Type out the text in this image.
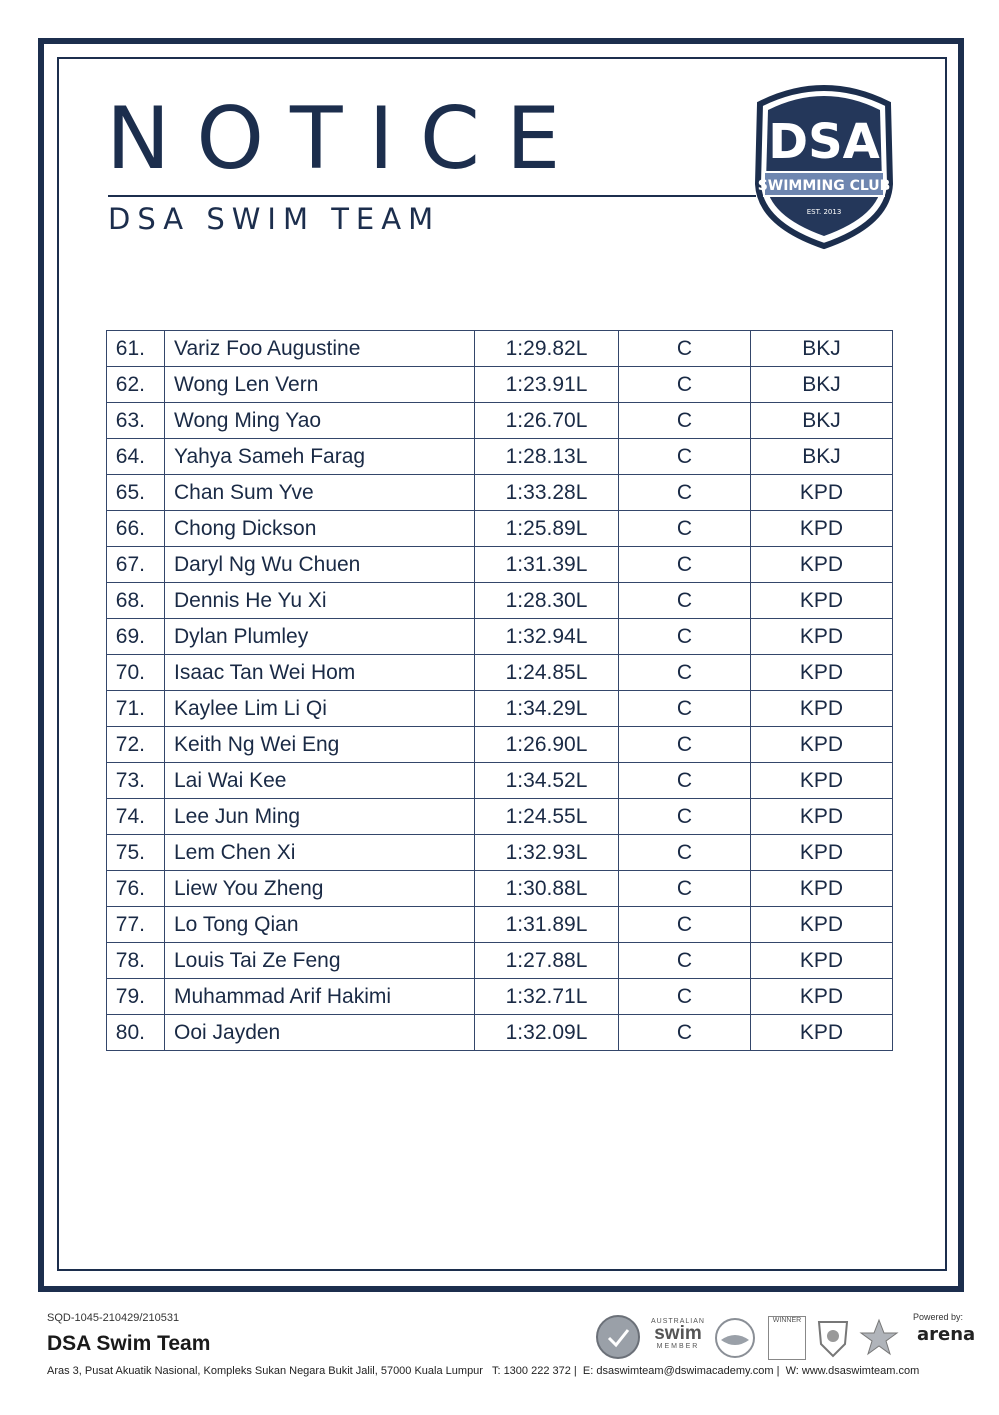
NOTICE
DSA SWIM TEAM
DSA
SWIMMING CLUB
EST. 2013
61.	Variz Foo Augustine	1:29.82L	C	BKJ
62.	Wong Len Vern	1:23.91L	C	BKJ
63.	Wong Ming Yao	1:26.70L	C	BKJ
64.	Yahya Sameh Farag	1:28.13L	C	BKJ
65.	Chan Sum Yve	1:33.28L	C	KPD
66.	Chong Dickson	1:25.89L	C	KPD
67.	Daryl Ng Wu Chuen	1:31.39L	C	KPD
68.	Dennis He Yu Xi	1:28.30L	C	KPD
69.	Dylan Plumley	1:32.94L	C	KPD
70.	Isaac Tan Wei Hom	1:24.85L	C	KPD
71.	Kaylee Lim Li Qi	1:34.29L	C	KPD
72.	Keith Ng Wei Eng	1:26.90L	C	KPD
73.	Lai Wai Kee	1:34.52L	C	KPD
74.	Lee Jun Ming	1:24.55L	C	KPD
75.	Lem Chen Xi	1:32.93L	C	KPD
76.	Liew You Zheng	1:30.88L	C	KPD
77.	Lo Tong Qian	1:31.89L	C	KPD
78.	Louis Tai Ze Feng	1:27.88L	C	KPD
79.	Muhammad Arif Hakimi	1:32.71L	C	KPD
80.	Ooi Jayden	1:32.09L	C	KPD
SQD-1045-210429/210531
DSA Swim Team
Aras 3, Pusat Akuatik Nasional, Kompleks Sukan Negara Bukit Jalil, 57000 Kuala Lumpur T: 1300 222 372 |  E: dsaswimteam@dswimacademy.com |  W: www.dsaswimteam.com
AUSTRALIAN
swim
MEMBER
WINNER	Powered by:
arena
